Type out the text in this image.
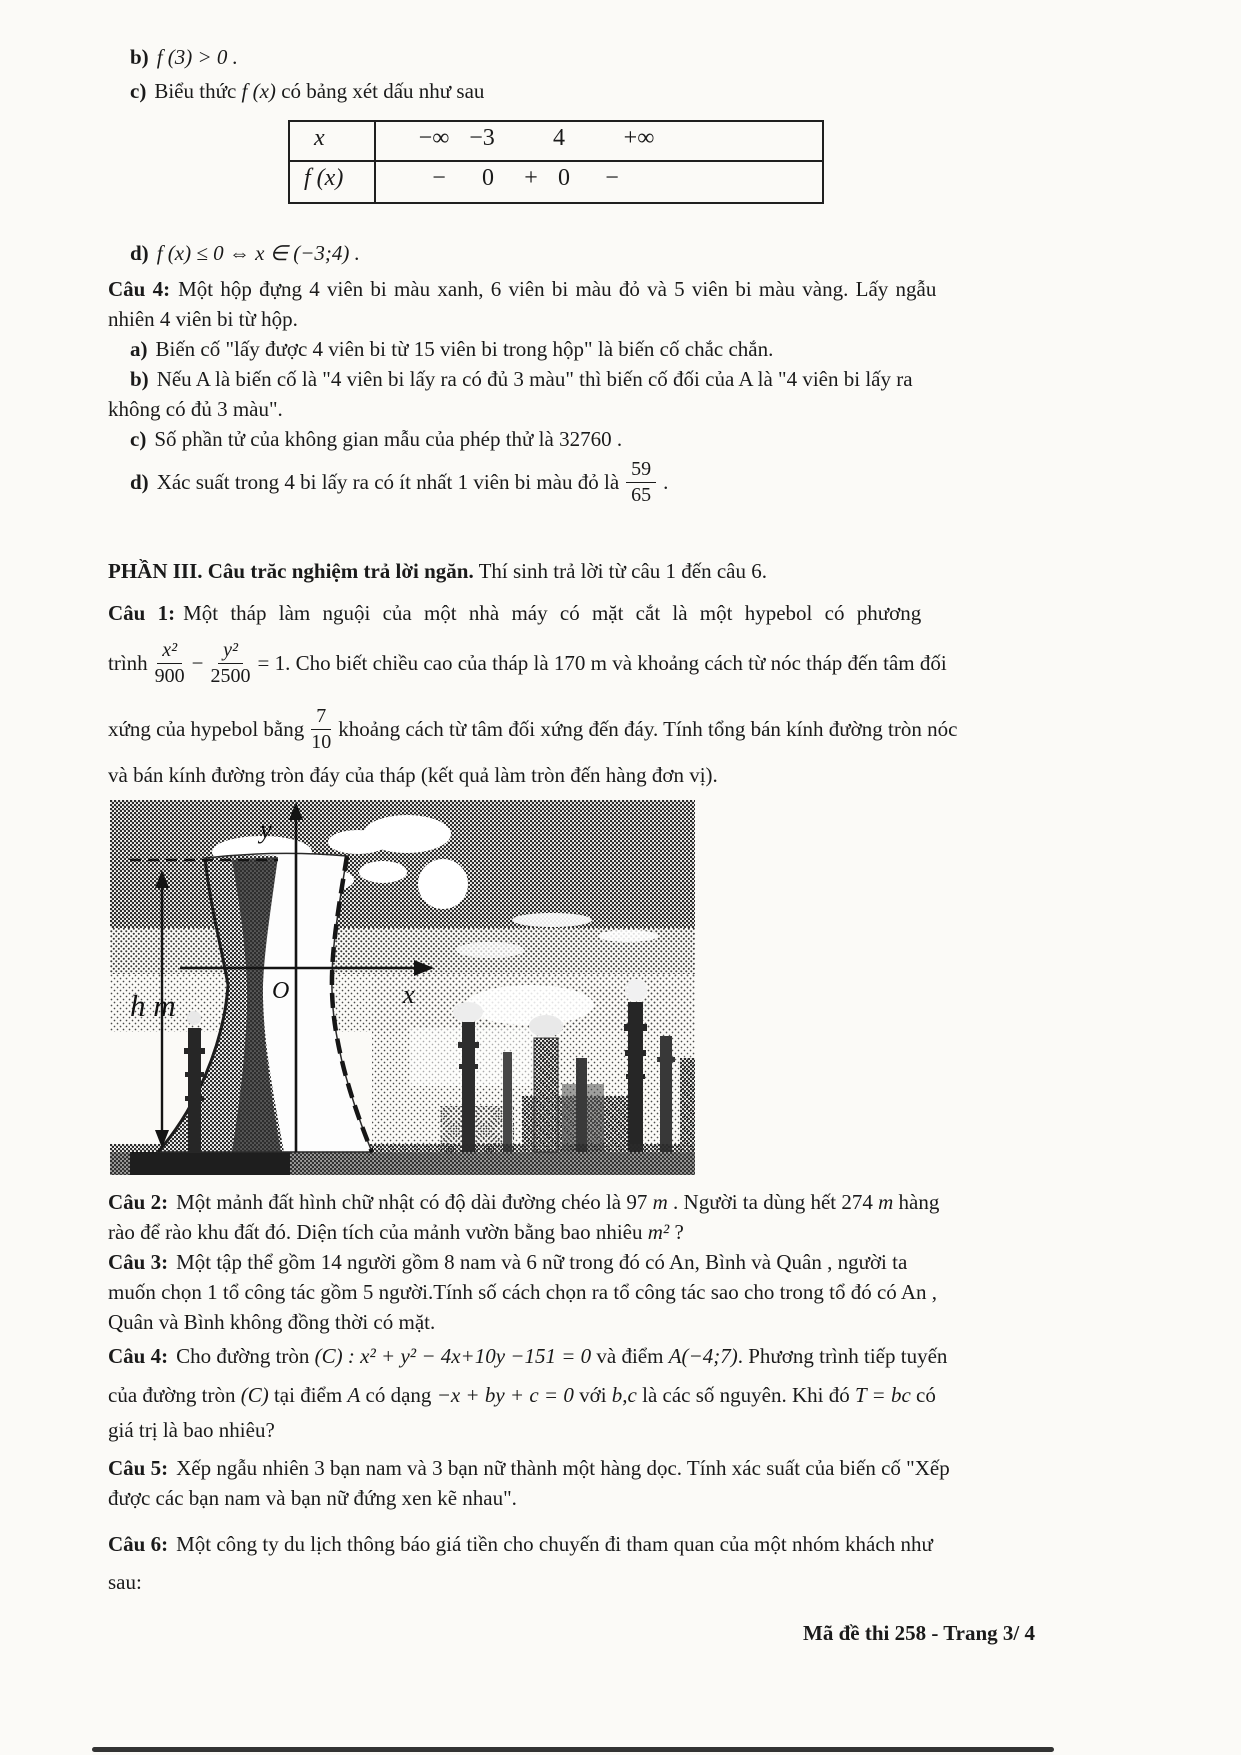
b) f (3) > 0 .

c) Biểu thức f (x) có bảng xét dấu như sau

x
f (x)
−∞ −3 4 +∞
− 0 + 0 −

d) f (x) ≤ 0 ⇔ x ∈ (−3;4) .

Câu 4: Một hộp đựng 4 viên bi màu xanh, 6 viên bi màu đỏ và 5 viên bi màu vàng. Lấy ngẫu

nhiên 4 viên bi từ hộp.

a) Biến cố "lấy được 4 viên bi từ 15 viên bi trong hộp" là biến cố chắc chắn.

b) Nếu A là biến cố là "4 viên bi lấy ra có đủ 3 màu" thì biến cố đối của A là "4 viên bi lấy ra

không có đủ 3 màu".

c) Số phần tử của không gian mẫu của phép thử là 32760 .

d) Xác suất trong 4 bi lấy ra có ít nhất 1 viên bi màu đỏ là $\frac{59}{65}$ .

PHẦN III. Câu trăc nghiệm trả lời ngăn. Thí sinh trả lời từ câu 1 đến câu 6.

Câu 1: Một tháp làm nguội của một nhà máy có mặt cắt là một hypebol có phương

trình $\frac{\text{x²}}{900} - \frac{\text{y²}}{2500} = 1$. Cho biết chiều cao của tháp là 170 m và khoảng cách từ nóc tháp đến tâm đối
xứng của hypebol bằng $\frac{7}{10}$ khoảng cách từ tâm đối xứng đến đáy. Tính tổng bán kính đường tròn nóc

và bán kính đường tròn đáy của tháp (kết quả làm tròn đến hàng đơn vị).

y
x
O
h m

Câu 2: Một mảnh đất hình chữ nhật có độ dài đường chéo là 97 m . Người ta dùng hết 274 m hàng

rào để rào khu đất đó. Diện tích của mảnh vườn bằng bao nhiêu m² ?

Câu 3: Một tập thể gồm 14 người gồm 8 nam và 6 nữ trong đó có An, Bình và Quân , người ta

muốn chọn 1 tổ công tác gồm 5 người.Tính số cách chọn ra tổ công tác sao cho trong tổ đó có An ,

Quân và Bình không đồng thời có mặt.

Câu 4: Cho đường tròn (C) : x² + y² − 4x+10y −151 = 0 và điểm A(−4;7) . Phương trình tiếp tuyến
của đường tròn (C) tại điểm A có dạng −x + by + c = 0 với b,c là các số nguyên. Khi đó T = bc có

giá trị là bao nhiêu?

Câu 5: Xếp ngẫu nhiên 3 bạn nam và 3 bạn nữ thành một hàng dọc. Tính xác suất của biến cố "Xếp

được các bạn nam và bạn nữ đứng xen kẽ nhau".

Câu 6: Một công ty du lịch thông báo giá tiền cho chuyến đi tham quan của một nhóm khách như

sau:

Mã đề thi 258 - Trang 3/ 4
